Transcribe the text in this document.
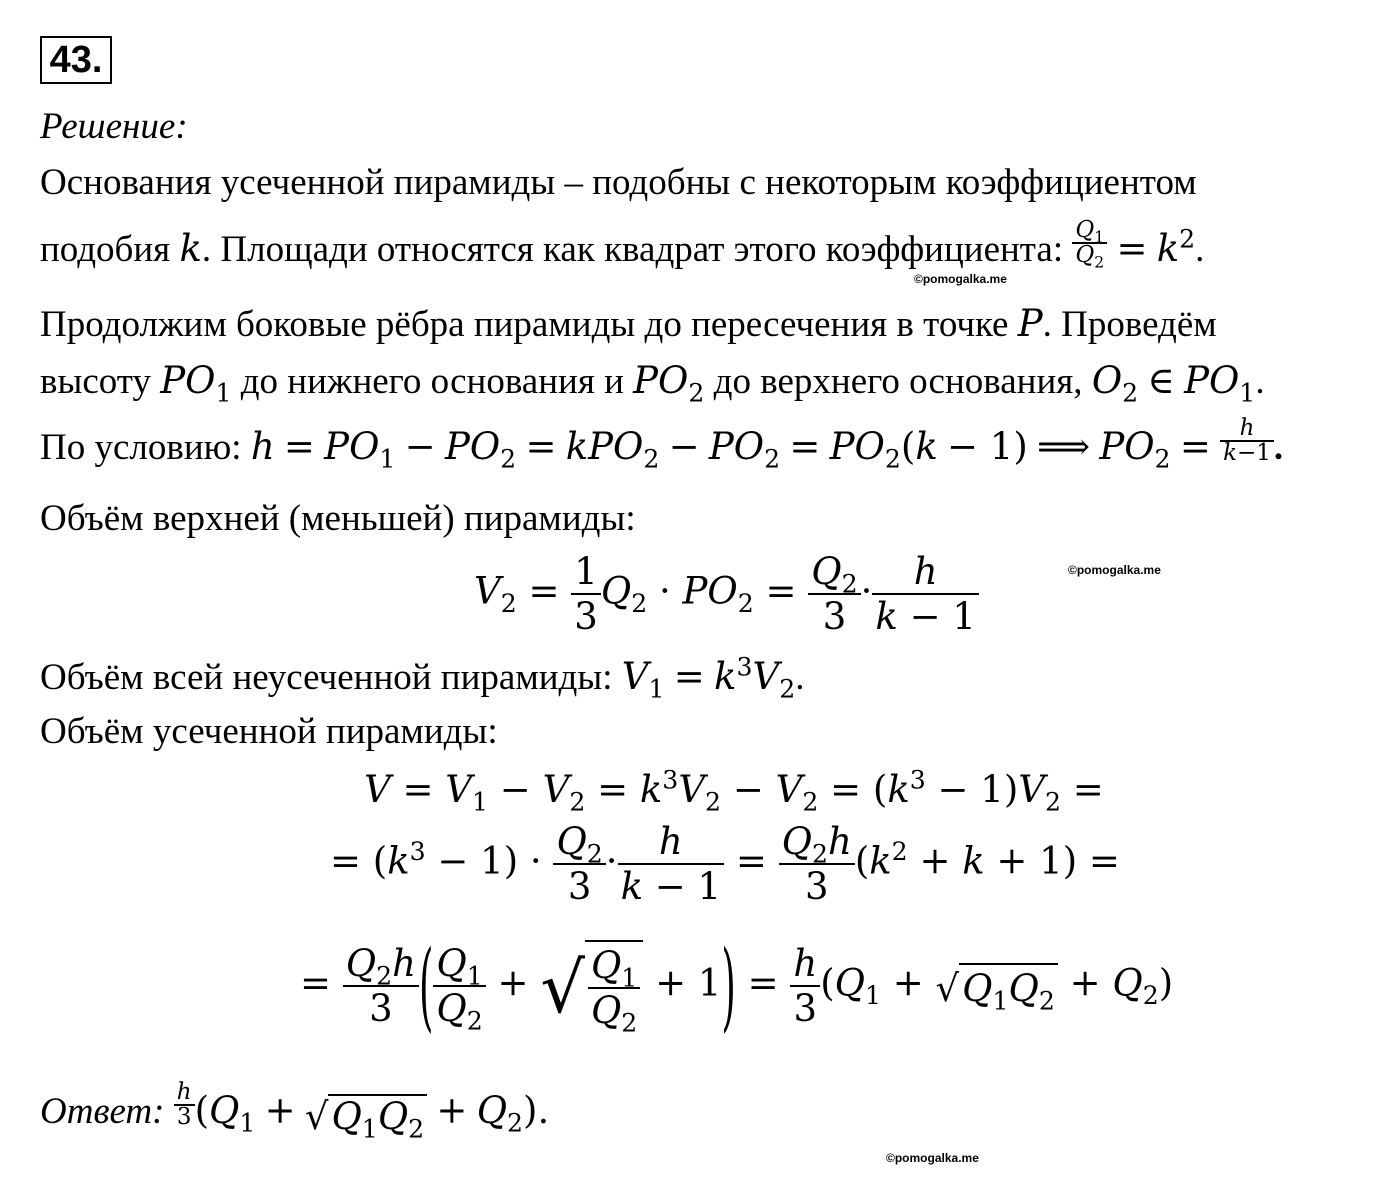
43.
Решение:
Основания усеченной пирамиды – подобны с некоторым коэффициентом
подобия k. Площади относятся как квадрат этого коэффициента: $\frac{Q_1}{Q_2} = k^2$.
©pomogalka.me
Продолжим боковые рёбра пирамиды до пересечения в точке P. Проведём
высоту $PO_1$ до нижнего основания и $PO_2$ до верхнего основания, $O_2$ ∈ $PO_1$.
По условию: $h = PO_1 - PO_2 = kPO_2 - PO_2 = PO_2(k - 1)$ ⟹ $PO_2 = \frac{h}{k-1}$ .
Объём верхней (меньшей) пирамиды:
$V_2 = \frac{1}{3} Q_2 \cdot PO_2 = \frac{Q_2}{3} \cdot \frac{h}{k - 1}$	©pomogalka.me
Объём всей неусеченной пирамиды: $V_1 = k^3V_2$.
Объём усеченной пирамиды:
$V = V_1 - V_2 = k^3V_2 - V_2 = (k^3 - 1)V_2$ =
= $(k^3 - 1) \cdot \frac{Q_2}{3} \cdot \frac{h}{k - 1} = \frac{Q_2h}{3} (k^2 + k + 1)$ =
= $\frac{Q_2h}{3}$ ( $\frac{Q_1}{Q_2}$ + √ $\frac{Q_1}{Q_2} + 1) = \frac{h}{3} (Q_1 + √Q_1Q_2 + Q_2)$
Ответ: $\frac{h}{3} (Q_1 + √Q_1Q_2 + Q_2)$.
©pomogalka.me
